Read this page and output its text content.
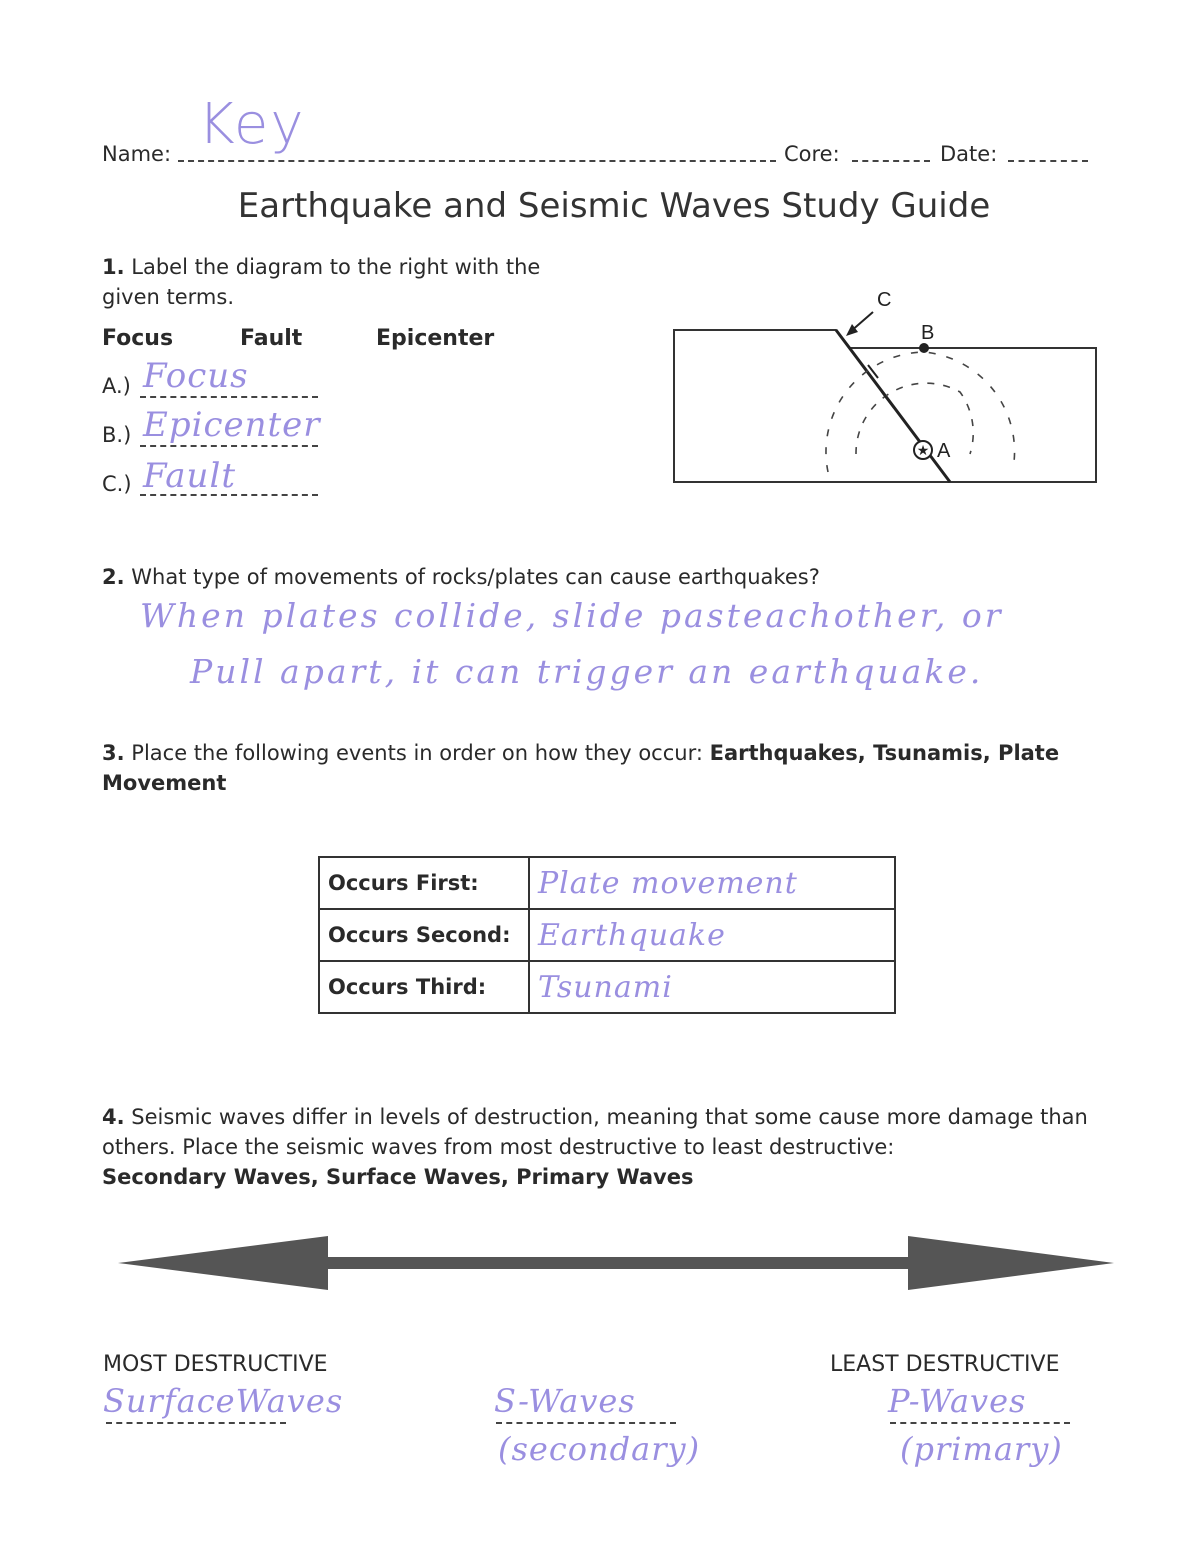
Name: Key	Core:	Date:
Earthquake and Seismic Waves Study Guide
1. Label the diagram to the right with the given terms.
Focus	Fault	Epicenter
A.) Focus
B.) Epicenter
C.) Fault
★ A
B
C
2. What type of movements of rocks/plates can cause earthquakes?
When plates collide, slide pasteachother, or
Pull apart, it can trigger an earthquake.
3. Place the following events in order on how they occur: Earthquakes, Tsunamis, Plate Movement
Occurs First:	Plate movement
Occurs Second:	Earthquake
Occurs Third:	Tsunami
4. Seismic waves differ in levels of destruction, meaning that some cause more damage than others. Place the seismic waves from most destructive to least destructive:
Secondary Waves, Surface Waves, Primary Waves
MOST DESTRUCTIVE	LEAST DESTRUCTIVE
SurfaceWaves	S-Waves
(secondary)
P-Waves
(primary)
